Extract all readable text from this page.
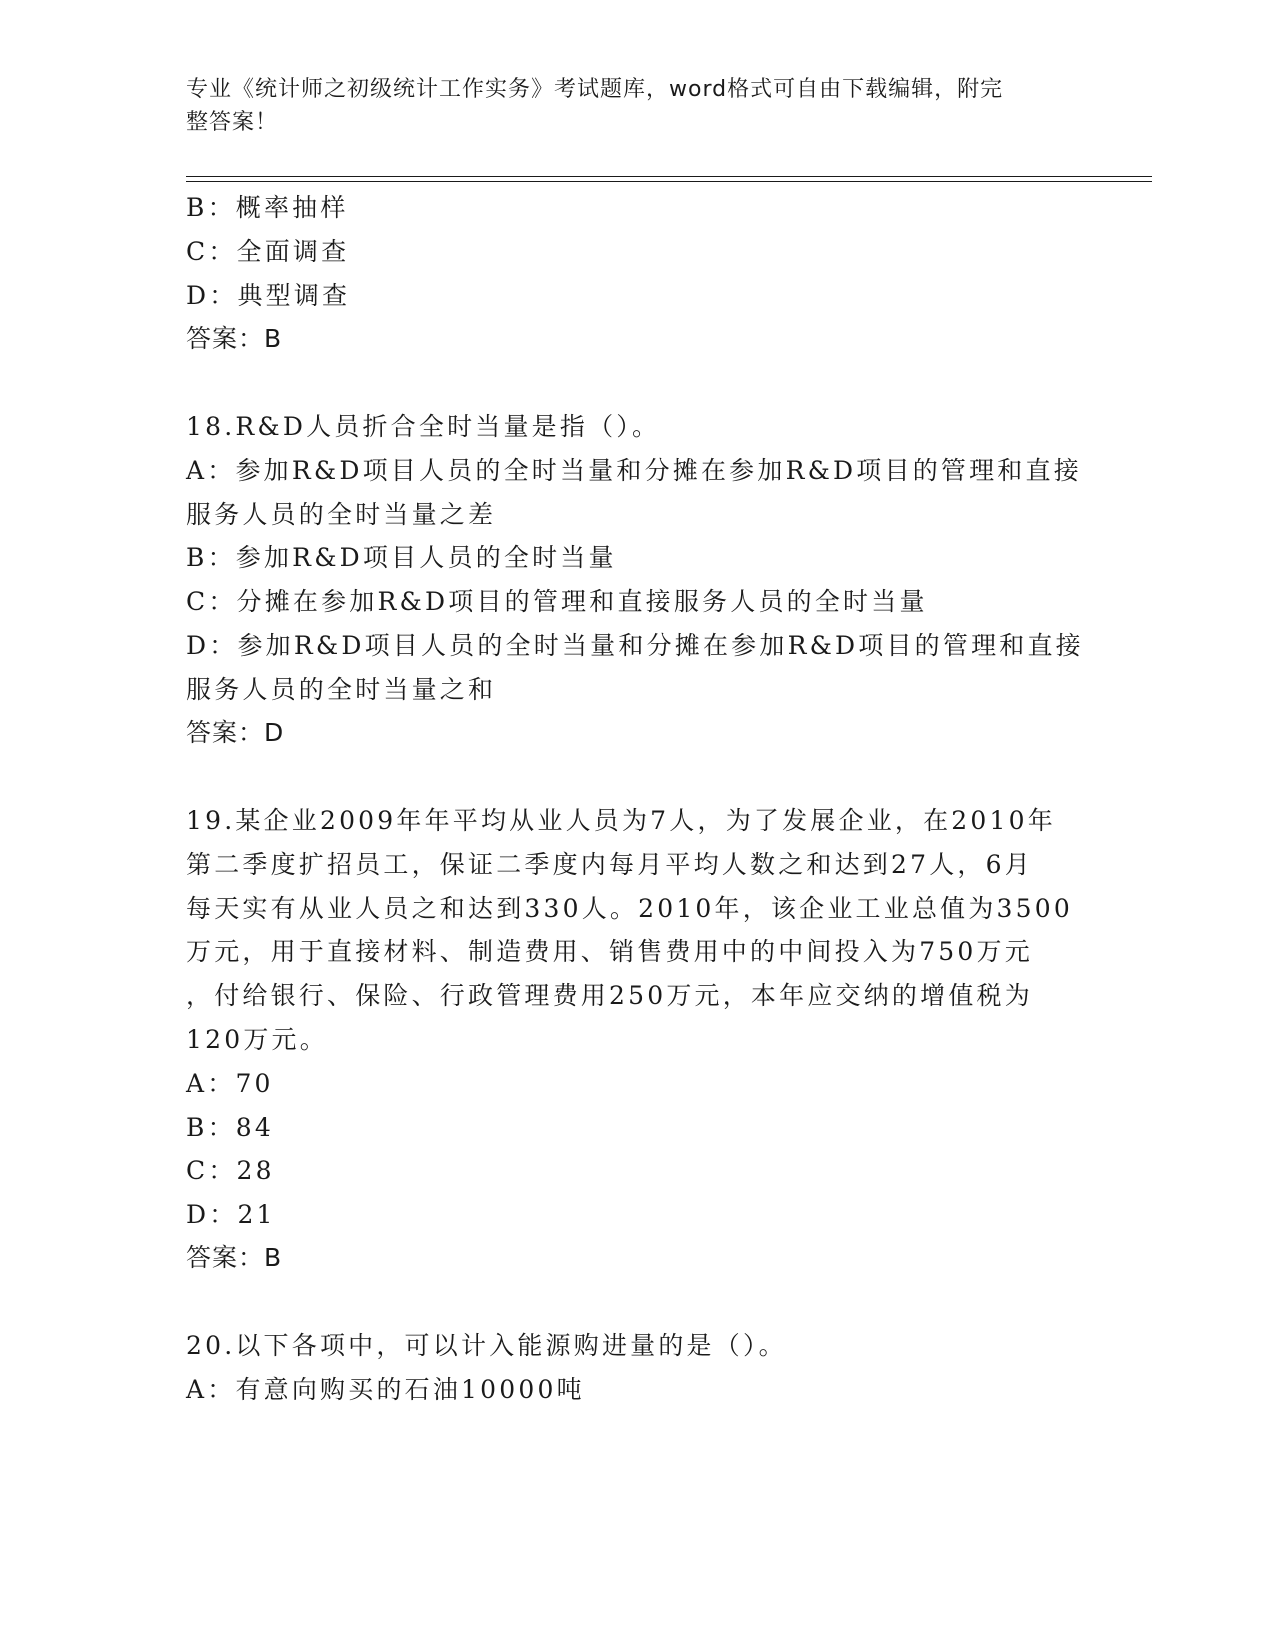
专业《统计师之初级统计工作实务》考试题库，word格式可自由下载编辑，附完
整答案！
B：概率抽样
C：全面调查
D：典型调查
答案：B
18.R&D人员折合全时当量是指（）。
A：参加R&D项目人员的全时当量和分摊在参加R&D项目的管理和直接
服务人员的全时当量之差
B：参加R&D项目人员的全时当量
C：分摊在参加R&D项目的管理和直接服务人员的全时当量
D：参加R&D项目人员的全时当量和分摊在参加R&D项目的管理和直接
服务人员的全时当量之和
答案：D
19.某企业2009年年平均从业人员为7人，为了发展企业，在2010年
第二季度扩招员工，保证二季度内每月平均人数之和达到27人，6月
每天实有从业人员之和达到330人。2010年，该企业工业总值为3500
万元，用于直接材料、制造费用、销售费用中的中间投入为750万元
，付给银行、保险、行政管理费用250万元，本年应交纳的增值税为
120万元。
A：70
B：84
C：28
D：21
答案：B
20.以下各项中，可以计入能源购进量的是（）。
A：有意向购买的石油10000吨
